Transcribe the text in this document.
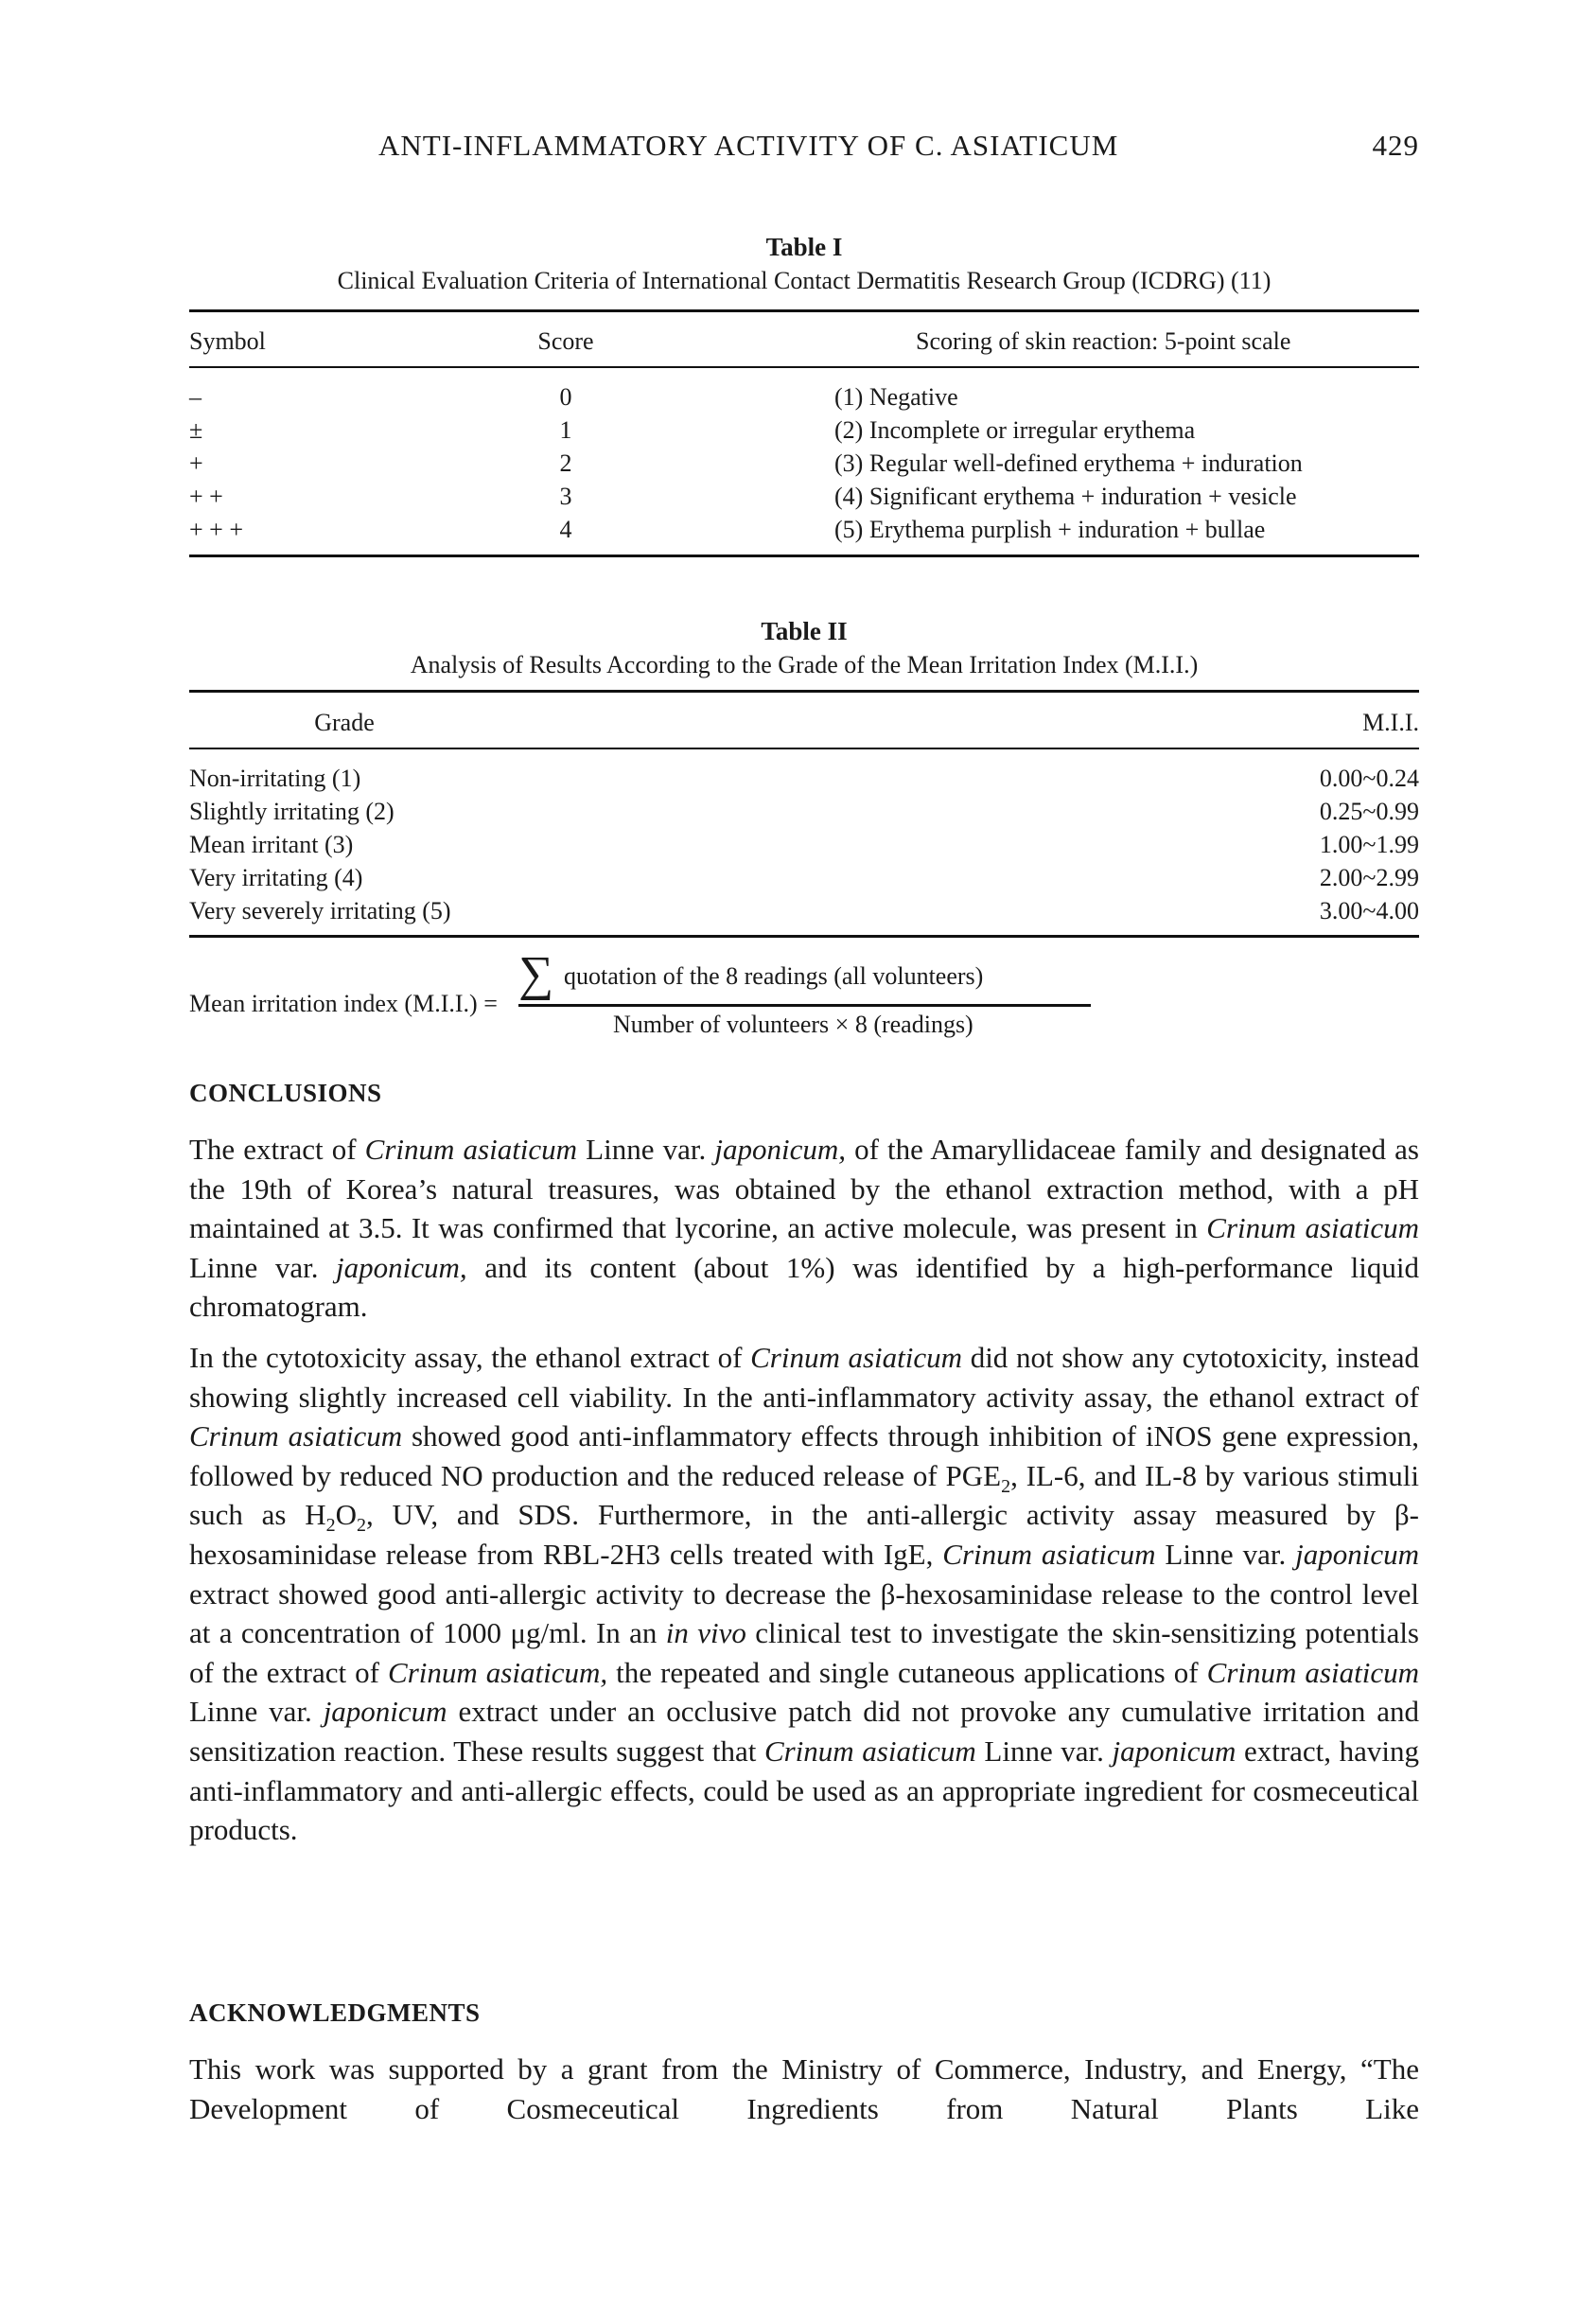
ANTI-INFLAMMATORY ACTIVITY OF C. ASIATICUM	429
Table I
Clinical Evaluation Criteria of International Contact Dermatitis Research Group (ICDRG) (11)
Symbol	Score	Scoring of skin reaction: 5-point scale
–	0	(1) Negative
±	1	(2) Incomplete or irregular erythema
+	2	(3) Regular well-defined erythema + induration
+ +	3	(4) Significant erythema + induration + vesicle
+ + +	4	(5) Erythema purplish + induration + bullae
Table II
Analysis of Results According to the Grade of the Mean Irritation Index (M.I.I.)
Grade	M.I.I.
Non-irritating (1)	0.00~0.24
Slightly irritating (2)	0.25~0.99
Mean irritant (3)	1.00~1.99
Very irritating (4)	2.00~2.99
Very severely irritating (5)	3.00~4.00
Mean irritation index (M.I.I.) =
∑ quotation of the 8 readings (all volunteers)
Number of volunteers × 8 (readings)
CONCLUSIONS
The extract of Crinum asiaticum Linne var. japonicum, of the Amaryllidaceae family and designated as the 19th of Korea’s natural treasures, was obtained by the ethanol extraction method, with a pH maintained at 3.5. It was confirmed that lycorine, an active molecule, was present in Crinum asiaticum Linne var. japonicum, and its content (about 1%) was identified by a high-performance liquid chromatogram.
In the cytotoxicity assay, the ethanol extract of Crinum asiaticum did not show any cytotoxicity, instead showing slightly increased cell viability. In the anti-inflammatory activity assay, the ethanol extract of Crinum asiaticum showed good anti-inflammatory effects through inhibition of iNOS gene expression, followed by reduced NO production and the reduced release of $PGE_2$, IL-6, and IL-8 by various stimuli such as $H_2O_2$, UV, and SDS. Furthermore, in the anti-allergic activity assay measured by β-hexosaminidase release from RBL-2H3 cells treated with IgE, Crinum asiaticum Linne var. japonicum extract showed good anti-allergic activity to decrease the β-hexosaminidase release to the control level at a concentration of 1000 μg/ml. In an in vivo clinical test to investigate the skin-sensitizing potentials of the extract of Crinum asiaticum, the repeated and single cutaneous applications of Crinum asiaticum Linne var. japonicum extract under an occlusive patch did not provoke any cumulative irritation and sensitization reaction. These results suggest that Crinum asiaticum Linne var. japonicum extract, having anti-inflammatory and anti-allergic effects, could be used as an appropriate ingredient for cosmeceutical products.
ACKNOWLEDGMENTS
This work was supported by a grant from the Ministry of Commerce, Industry, and Energy, “The Development of Cosmeceutical Ingredients from Natural Plants Like
